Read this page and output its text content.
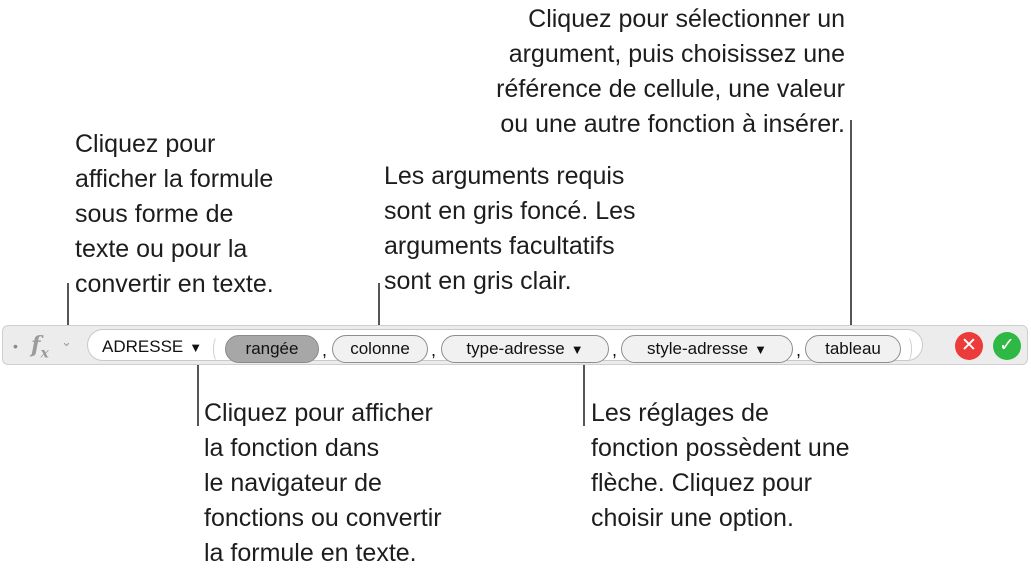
Cliquez pour sélectionner un
argument, puis choisissez une
référence de cellule, une valeur
ou une autre fonction à insérer.
Cliquez pour
afficher la formule
sous forme de
texte ou pour la
convertir en texte.
Les arguments requis
sont en gris foncé. Les
arguments facultatifs
sont en gris clair.
Cliquez pour afficher
la fonction dans
le navigateur de
fonctions ou convertir
la formule en texte.
Les réglages de
fonction possèdent une
flèche. Cliquez pour
choisir une option.
• $f_x$
⌄ ADRESSE ▼	rangée	,	colonne	,	type-adresse ▼	,	style-adresse ▼	,	tableau	✕	✓
